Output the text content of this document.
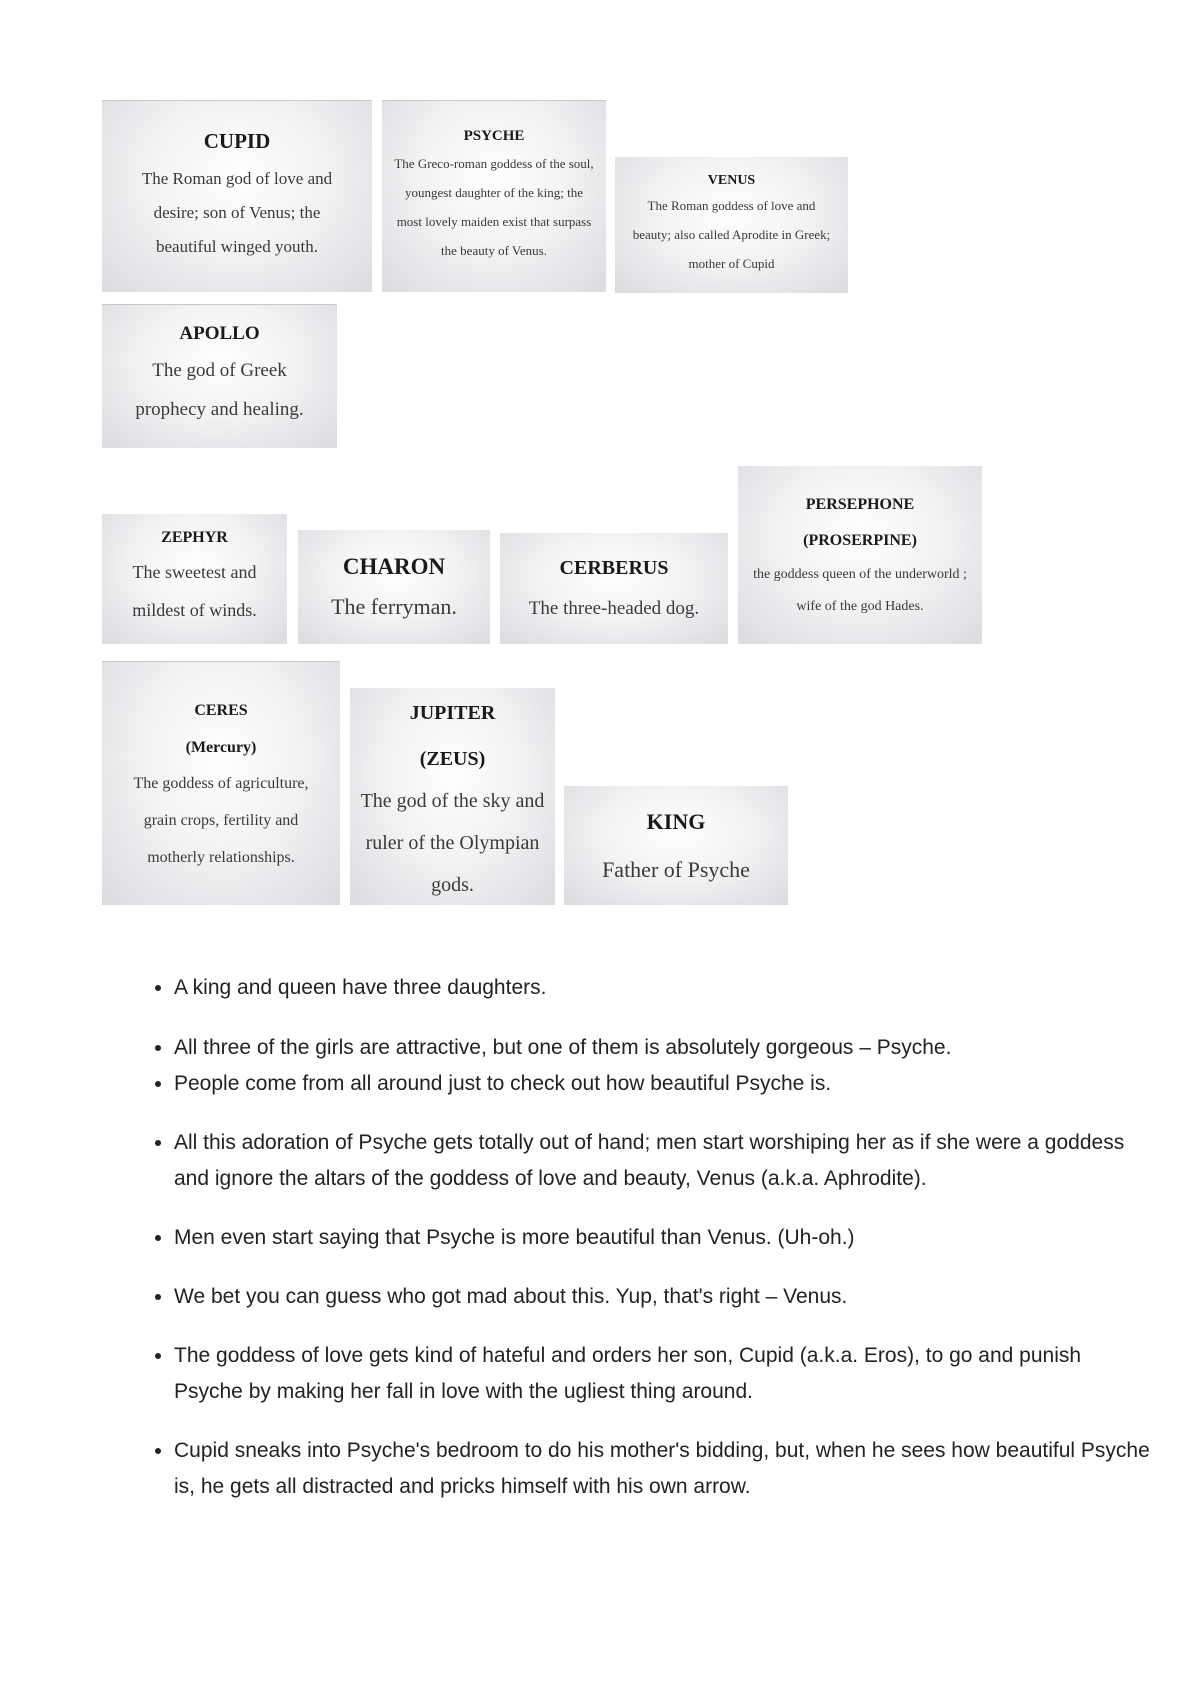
CUPID
The Roman god of love and desire; son of Venus; the beautiful winged youth.
PSYCHE
The Greco-roman goddess of the soul, youngest daughter of the king; the most lovely maiden exist that surpass the beauty of Venus.
VENUS
The Roman goddess of love and beauty; also called Aprodite in Greek; mother of Cupid
APOLLO
The god of Greek prophecy and healing.
ZEPHYR
The sweetest and mildest of winds.
CHARON
The ferryman.
CERBERUS
The three-headed dog.
PERSEPHONE
(PROSERPINE)
the goddess queen of the underworld ; wife of the god Hades.
CERES
(Mercury)
The goddess of agriculture, grain crops, fertility and motherly relationships.
JUPITER
(ZEUS)
The god of the sky and ruler of the Olympian gods.
KING
Father of Psyche
• A king and queen have three daughters.
• All three of the girls are attractive, but one of them is absolutely gorgeous – Psyche.
• People come from all around just to check out how beautiful Psyche is.
• All this adoration of Psyche gets totally out of hand; men start worshiping her as if she were a goddess and ignore the altars of the goddess of love and beauty, Venus (a.k.a. Aphrodite).
• Men even start saying that Psyche is more beautiful than Venus. (Uh-oh.)
• We bet you can guess who got mad about this. Yup, that's right – Venus.
• The goddess of love gets kind of hateful and orders her son, Cupid (a.k.a. Eros), to go and punish Psyche by making her fall in love with the ugliest thing around.
• Cupid sneaks into Psyche's bedroom to do his mother's bidding, but, when he sees how beautiful Psyche is, he gets all distracted and pricks himself with his own arrow.
